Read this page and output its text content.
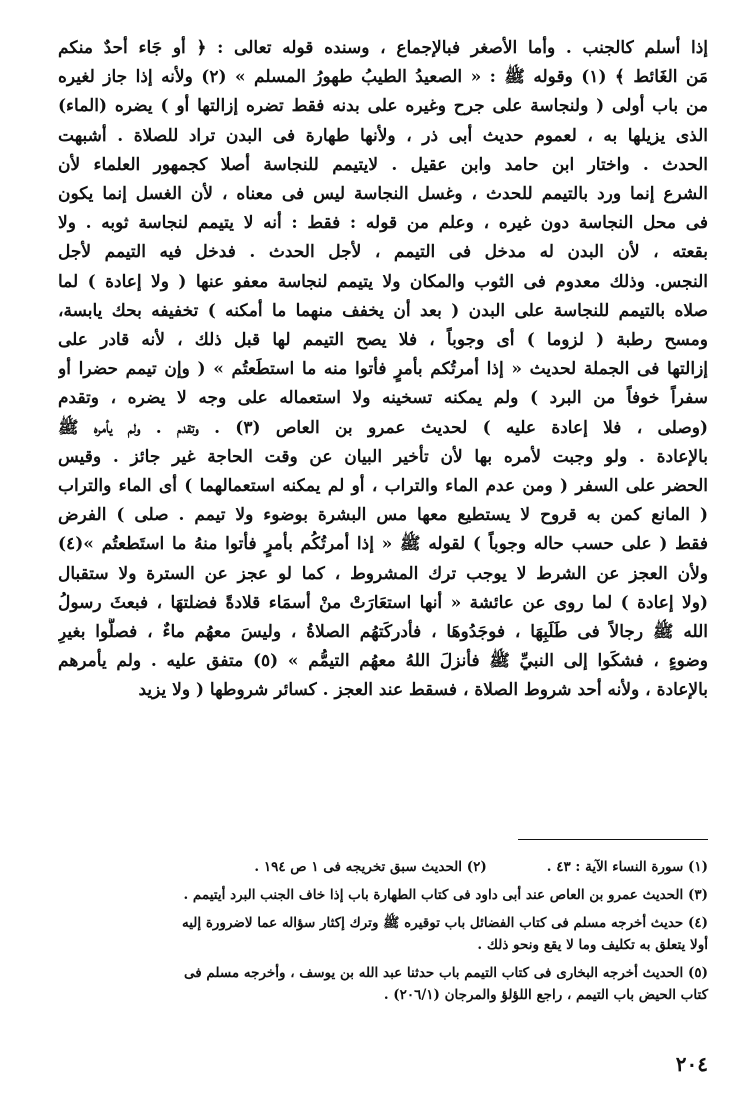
إذا أسلم كالجنب . وأما الأصغر فبالإجماع ، وسنده قوله تعالى : ﴿ أو جَاء أحدٌ منكم
مَن الغَائط ﴾ (١) وقوله ﷺ : « الصعيدُ الطيبُ طهورُ المسلم » (٢) ولأنه إذا جاز لغيره
من باب أولى ( ولنجاسة على جرح وغيره على بدنه فقط تضره إزالتها أو ) يضره (الماء)
الذى يزيلها به ، لعموم حديث أبى ذر ، ولأنها طهارة فى البدن تراد للصلاة . أشبهت
الحدث . واختار ابن حامد وابن عقيل . لايتيمم للنجاسة أصلا كجمهور العلماء لأن
الشرع إنما ورد بالتيمم للحدث ، وغسل النجاسة ليس فى معناه ، لأن الغسل إنما يكون
فى محل النجاسة دون غيره ، وعلم من قوله : فقط : أنه لا يتيمم لنجاسة ثوبه . ولا
بقعته ، لأن البدن له مدخل فى التيمم ، لأجل الحدث . فدخل فيه التيمم لأجل
النجس. وذلك معدوم فى الثوب والمكان ولا يتيمم لنجاسة معفو عنها ( ولا إعادة ) لما
صلاه بالتيمم للنجاسة على البدن ( بعد أن يخفف منهما ما أمكنه ) تخفيفه بحك يابسة،
ومسح رطبة ( لزوما ) أى وجوباً ، فلا يصح التيمم لها قبل ذلك ، لأنه قادر على
إزالتها فى الجملة لحديث « إذا أمرتُكم بأمرٍ فأتوا منه ما استطَعتُم » ( وإن تيمم حضرا أو
سفراً خوفاً من البرد ) ولم يمكنه تسخينه ولا استعماله على وجه لا يضره ، وتقدم
(وصلى ، فلا إعادة عليه ) لحديث عمرو بن العاص (٣) . وتقدم . ولم يأمره ﷺ
بالإعادة . ولو وجبت لأمره بها لأن تأخير البيان عن وقت الحاجة غير جائز . وقيس
الحضر على السفر ( ومن عدم الماء والتراب ، أو لم يمكنه استعمالهما ) أى الماء والتراب
( المانع كمن به قروح لا يستطيع معها مس البشرة بوضوء ولا تيمم . صلى ) الفرض
فقط ( على حسب حاله وجوباً ) لقوله ﷺ « إذا أمرتُكُم بأمرٍ فأتوا منهُ ما استَطعتُم »(٤)
ولأن العجز عن الشرط لا يوجب ترك المشروط ، كما لو عجز عن السترة ولا ستقبال
(ولا إعادة ) لما روى عن عائشة « أنها استعَارَتْ منْ أسمَاء قلادةً فضلتهَا ، فبعثَ رسولُ
الله ﷺ رجالاً فى طَلَبِهَا ، فوجَدُوهَا ، فأدركَتهُم الصلاةُ ، وليسَ معهُم ماءٌ ، فصلُّوا بغيرِ
وضوءٍ ، فشكَوا إلى النبيِّ ﷺ فأنزلَ اللهُ معهُم التيمُّم » (٥) متفق عليه . ولم يأمرهم
بالإعادة ، ولأنه أحد شروط الصلاة ، فسقط عند العجز . كسائر شروطها ( ولا يزيد
(١) سورة النساء الآية : ٤٣ .
(٢) الحديث سبق تخريجه فى ١ ص ١٩٤ .
(٣) الحديث عمرو بن العاص عند أبى داود فى كتاب الطهارة باب إذا خاف الجنب البرد أيتيمم .
(٤) حديث أخرجه مسلم فى كتاب الفضائل باب توقيره ﷺ وترك إكثار سؤاله عما لاضرورة إليه
أولا يتعلق به تكليف وما لا يقع ونحو ذلك .
(٥) الحديث أخرجه البخارى فى كتاب التيمم باب حدثنا عبد الله بن يوسف ، وأخرجه مسلم فى
كتاب الحيض باب التيمم ، راجع اللؤلؤ والمرجان (٢٠٦/١) .
٢٠٤
